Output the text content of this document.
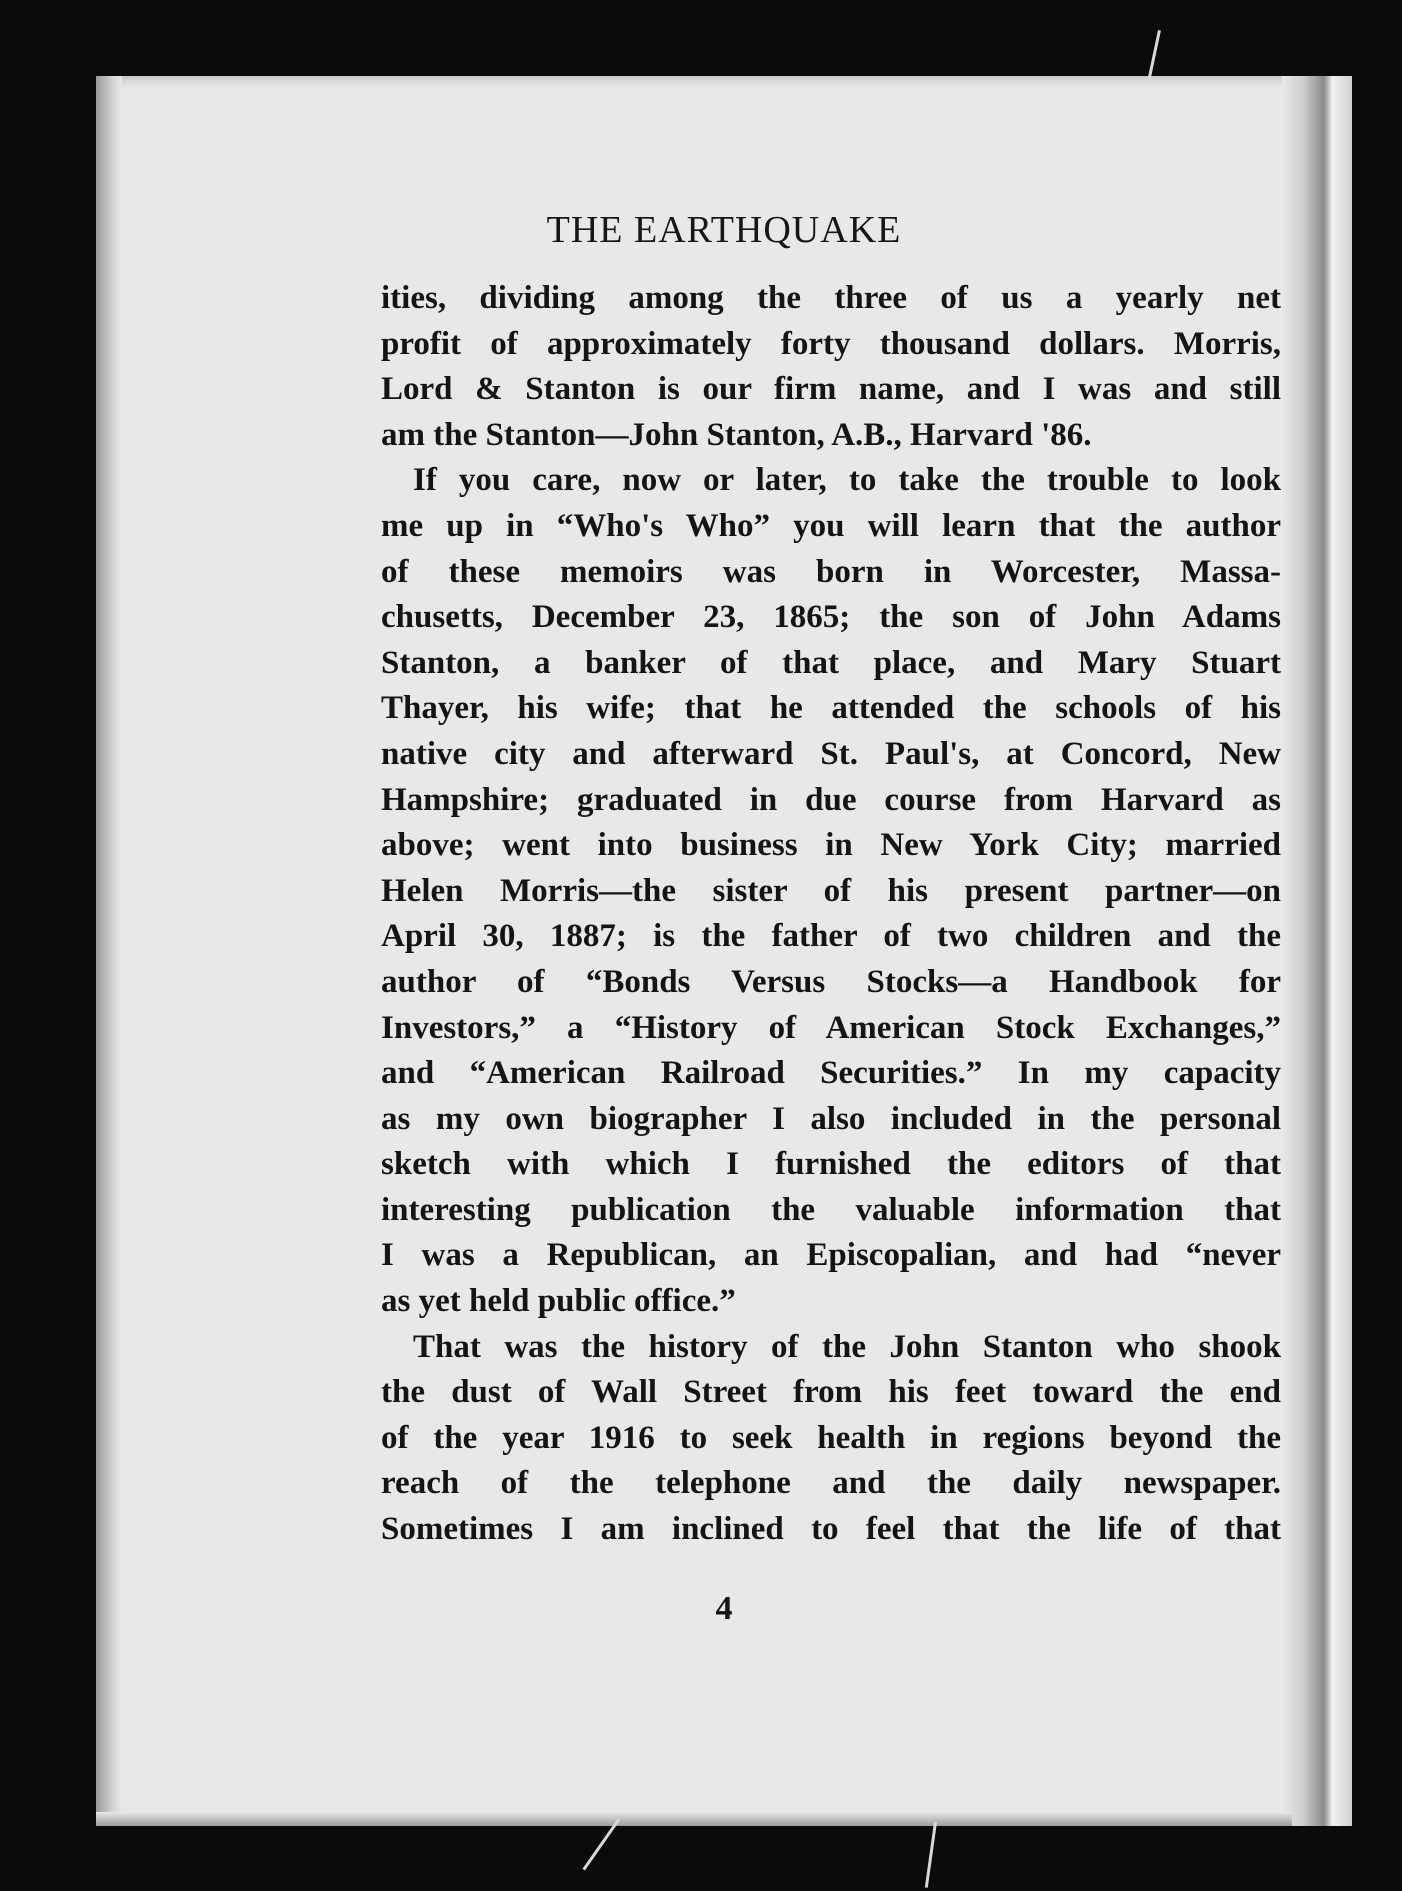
THE EARTHQUAKE
ities, dividing among the three of us a yearly net
profit of approximately forty thousand dollars. Morris,
Lord & Stanton is our firm name, and I was and still
am the Stanton—John Stanton, A.B., Harvard '86.
If you care, now or later, to take the trouble to look
me up in “Who's Who” you will learn that the author
of these memoirs was born in Worcester, Massa-
chusetts, December 23, 1865; the son of John Adams
Stanton, a banker of that place, and Mary Stuart
Thayer, his wife; that he attended the schools of his
native city and afterward St. Paul's, at Concord, New
Hampshire; graduated in due course from Harvard as
above; went into business in New York City; married
Helen Morris—the sister of his present partner—on
April 30, 1887; is the father of two children and the
author of “Bonds Versus Stocks—a Handbook for
Investors,” a “History of American Stock Exchanges,”
and “American Railroad Securities.” In my capacity
as my own biographer I also included in the personal
sketch with which I furnished the editors of that
interesting publication the valuable information that
I was a Republican, an Episcopalian, and had “never
as yet held public office.”
That was the history of the John Stanton who shook
the dust of Wall Street from his feet toward the end
of the year 1916 to seek health in regions beyond the
reach of the telephone and the daily newspaper.
Sometimes I am inclined to feel that the life of that
4
